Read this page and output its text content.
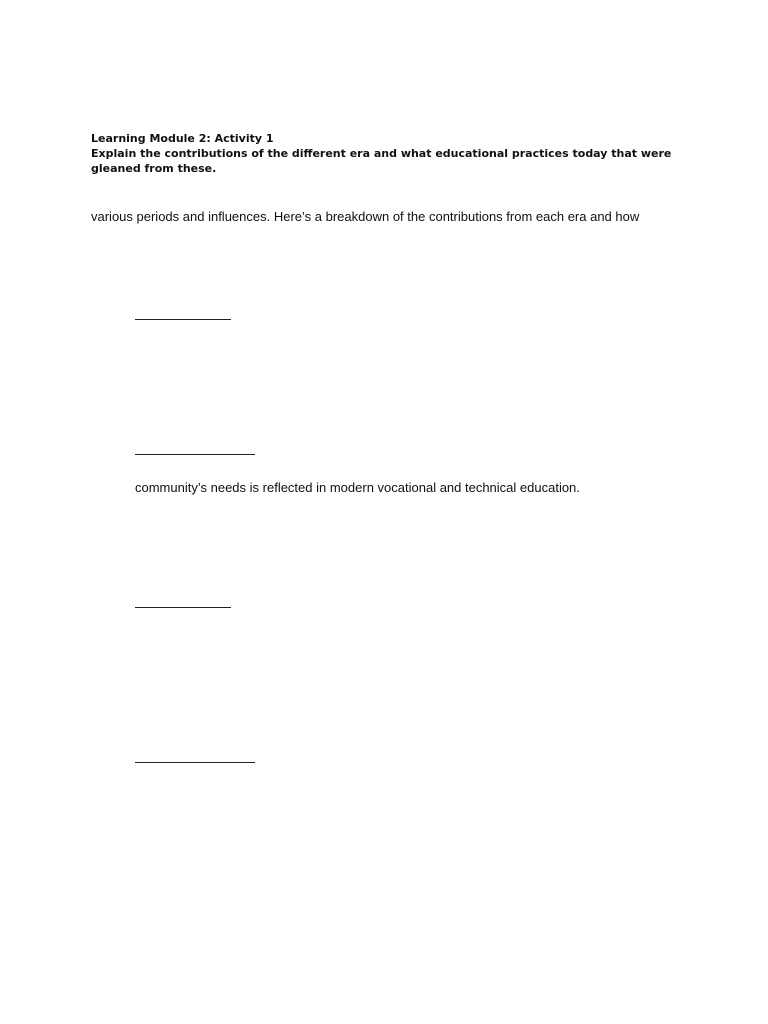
Learning Module 2: Activity 1
Explain the contributions of the different era and what educational practices today that were
gleaned from these.
various periods and influences. Here’s a breakdown of the contributions from each era and how
community’s needs is reflected in modern vocational and technical education.
